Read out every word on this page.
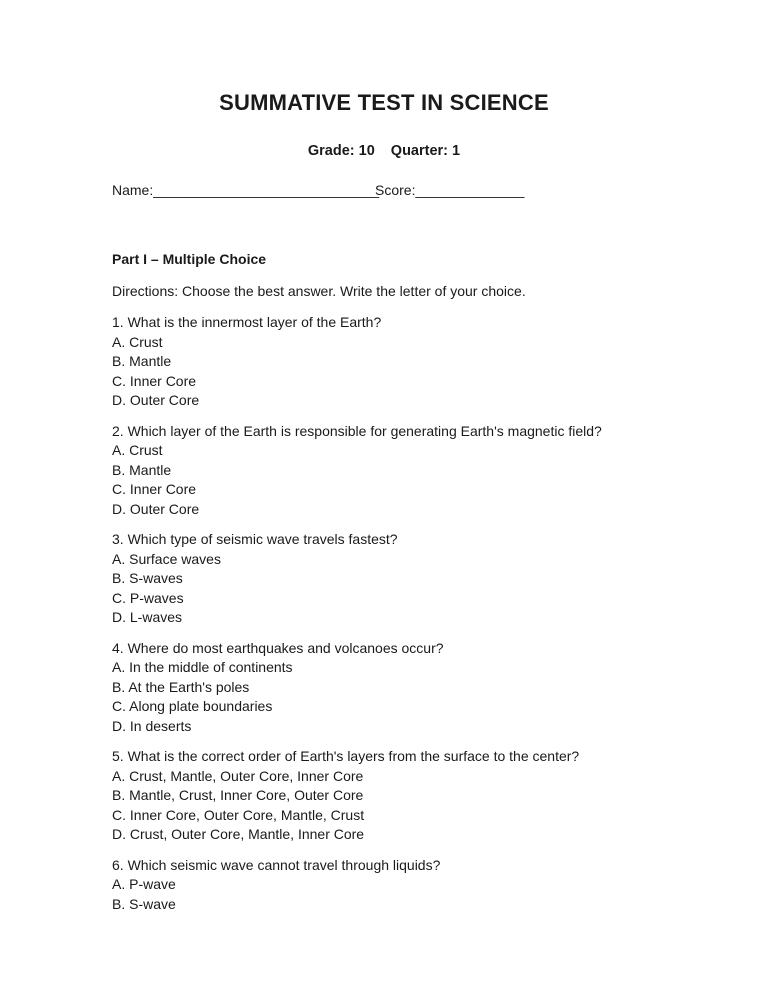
SUMMATIVE TEST IN SCIENCE
Grade: 10 Quarter: 1
Name:_____________________________
Score:______________
Part I – Multiple Choice
Directions: Choose the best answer. Write the letter of your choice.
1. What is the innermost layer of the Earth?
A. Crust
B. Mantle
C. Inner Core
D. Outer Core
2. Which layer of the Earth is responsible for generating Earth's magnetic field?
A. Crust
B. Mantle
C. Inner Core
D. Outer Core
3. Which type of seismic wave travels fastest?
A. Surface waves
B. S-waves
C. P-waves
D. L-waves
4. Where do most earthquakes and volcanoes occur?
A. In the middle of continents
B. At the Earth's poles
C. Along plate boundaries
D. In deserts
5. What is the correct order of Earth's layers from the surface to the center?
A. Crust, Mantle, Outer Core, Inner Core
B. Mantle, Crust, Inner Core, Outer Core
C. Inner Core, Outer Core, Mantle, Crust
D. Crust, Outer Core, Mantle, Inner Core
6. Which seismic wave cannot travel through liquids?
A. P-wave
B. S-wave
